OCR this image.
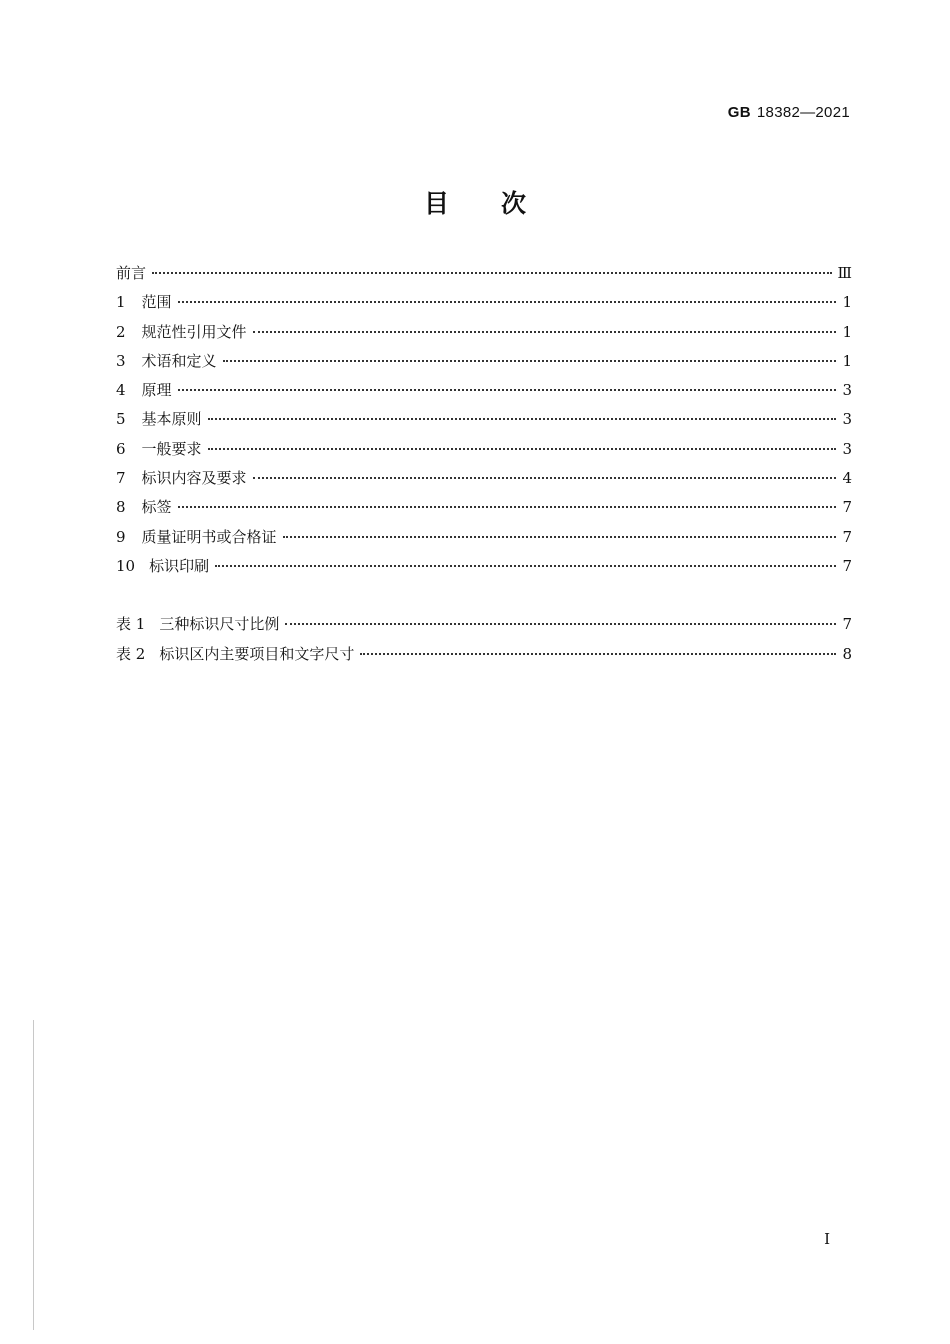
GB 18382—2021
目次
前言	Ⅲ
1 范围	1
2 规范性引用文件	1
3 术语和定义	1
4 原理	3
5 基本原则	3
6 一般要求	3
7 标识内容及要求	4
8 标签	7
9 质量证明书或合格证	7
10 标识印刷	7
表 1 三种标识尺寸比例	7
表 2 标识区内主要项目和文字尺寸	8
I
